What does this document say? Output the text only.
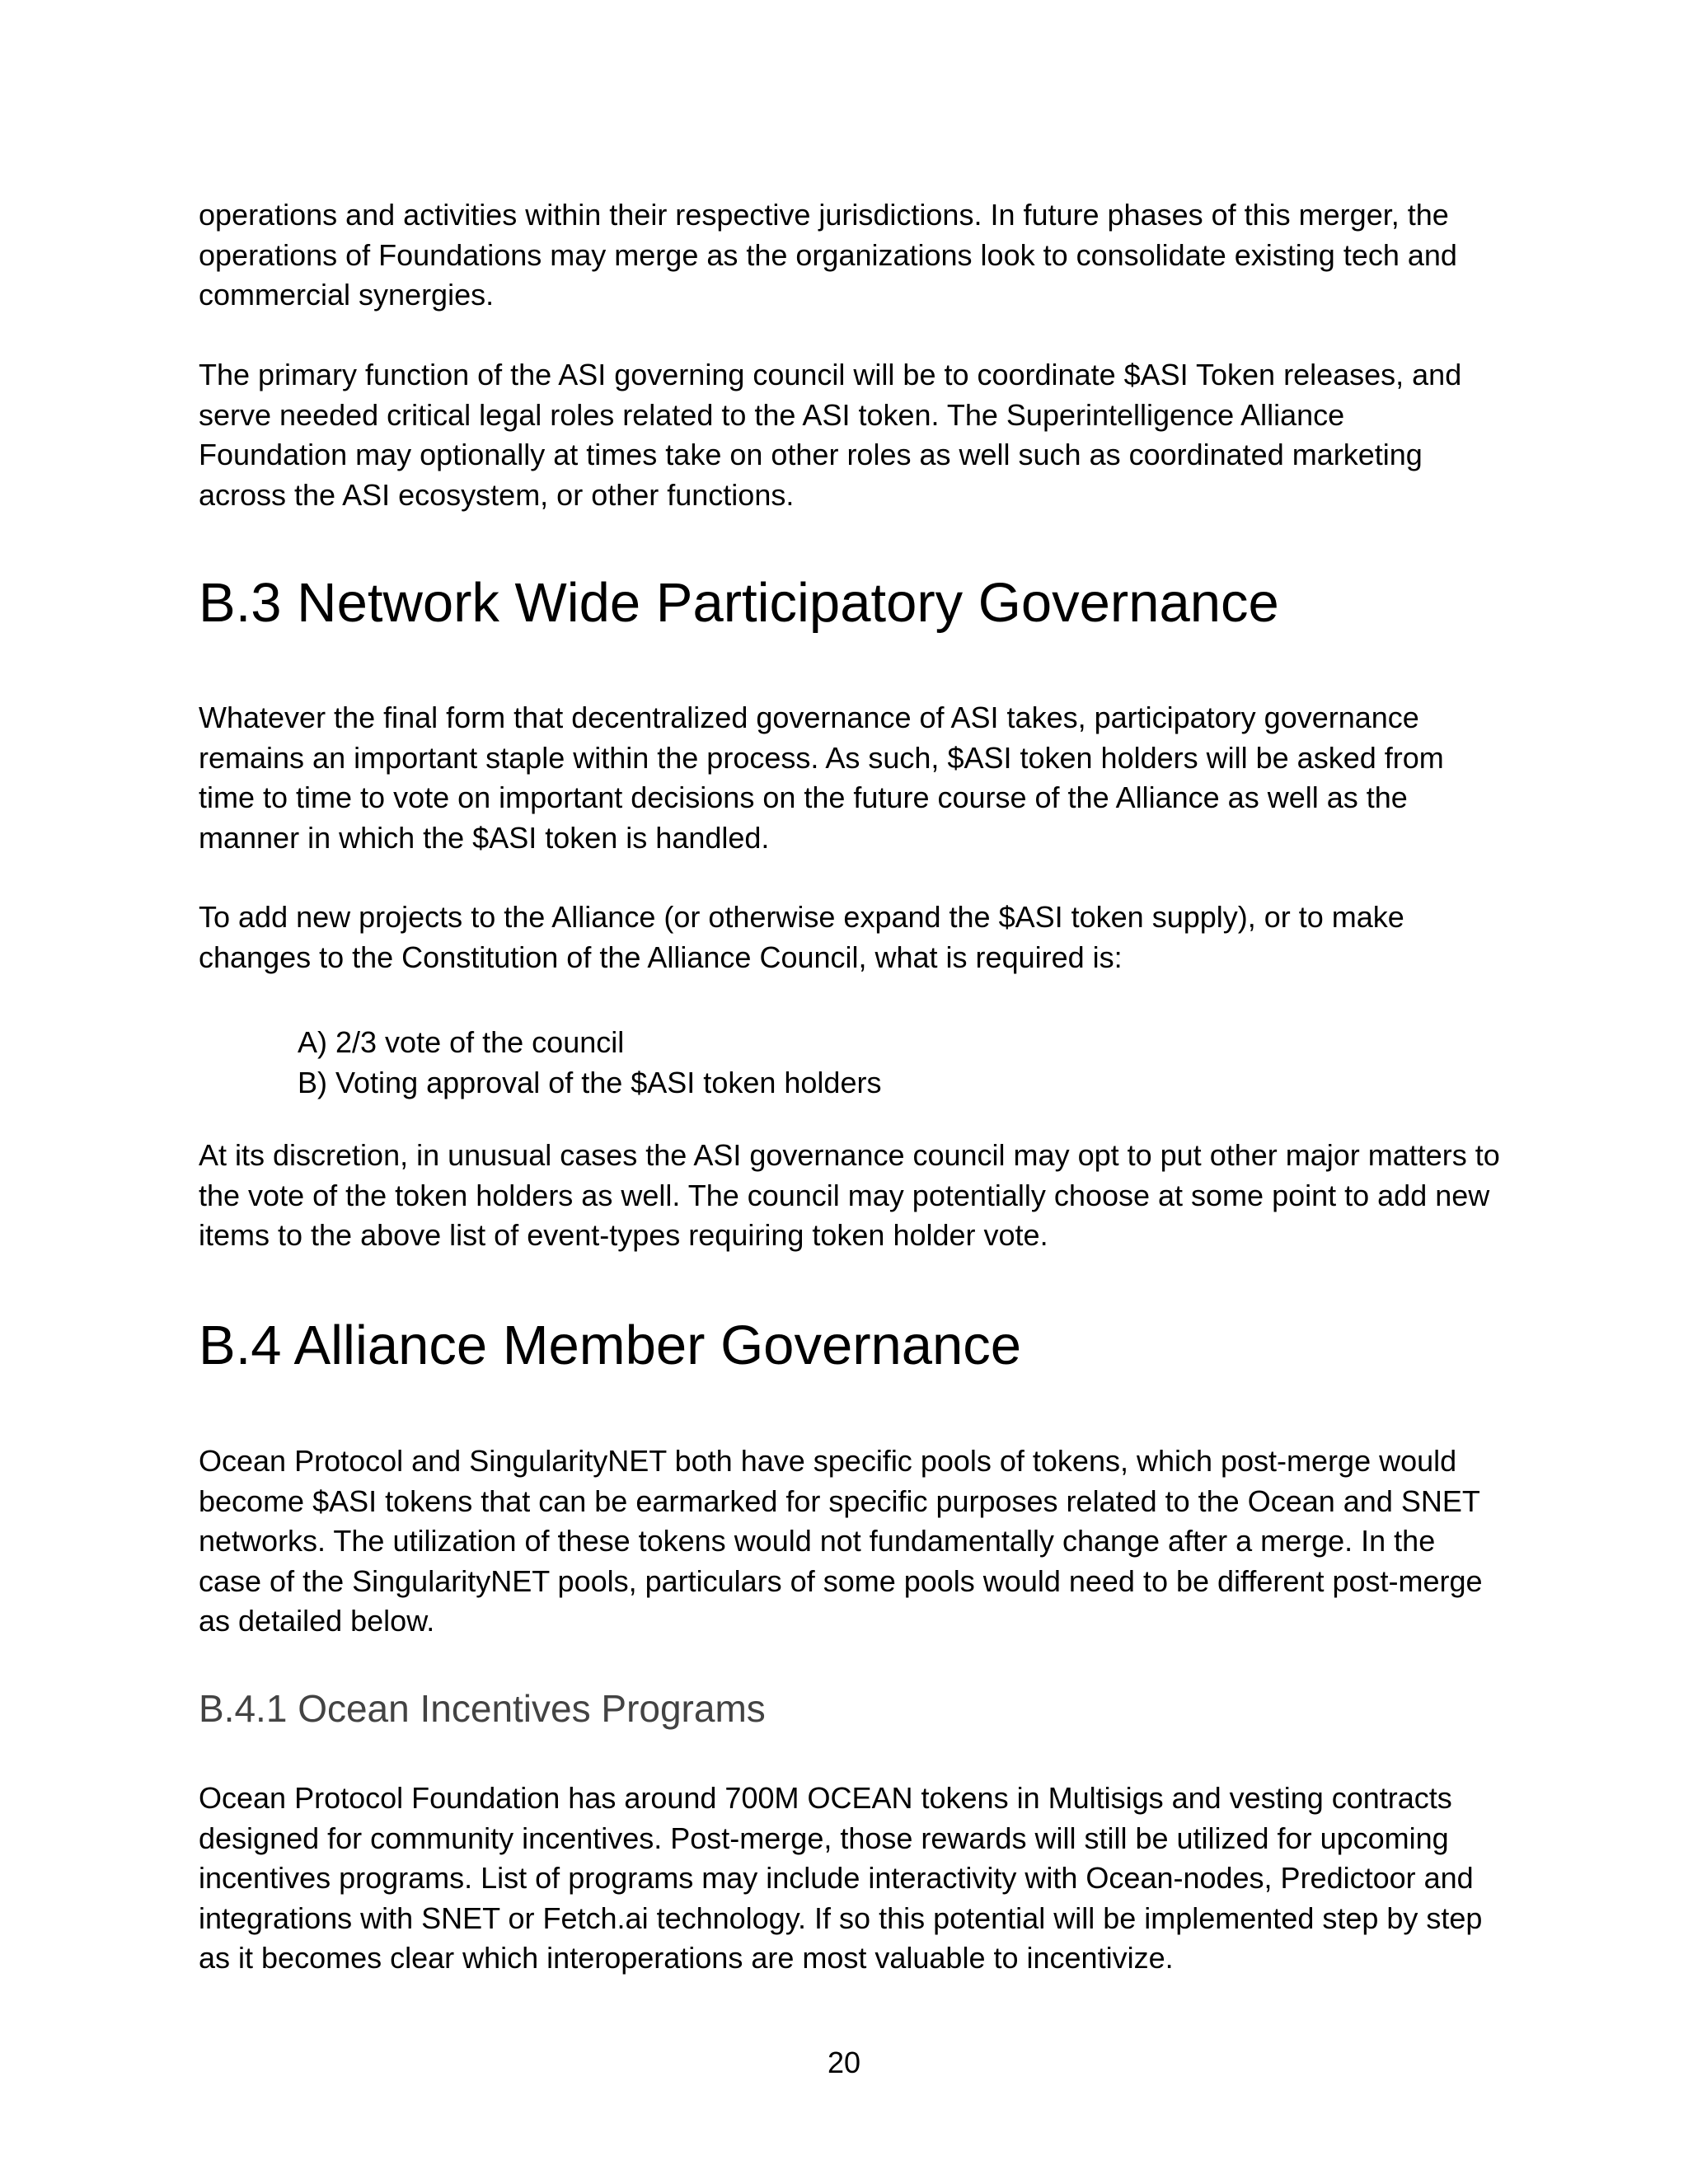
operations and activities within their respective jurisdictions. In future phases of this merger, the operations of Foundations may merge as the organizations look to consolidate existing tech and commercial synergies.

The primary function of the ASI governing council will be to coordinate $ASI Token releases, and serve needed critical legal roles related to the ASI token. The Superintelligence Alliance Foundation may optionally at times take on other roles as well such as coordinated marketing across the ASI ecosystem, or other functions.

B.3 Network Wide Participatory Governance

Whatever the final form that decentralized governance of ASI takes, participatory governance remains an important staple within the process. As such, $ASI token holders will be asked from time to time to vote on important decisions on the future course of the Alliance as well as the manner in which the $ASI token is handled.

To add new projects to the Alliance (or otherwise expand the $ASI token supply), or to make changes to the Constitution of the Alliance Council, what is required is:

A) 2/3 vote of the council
B) Voting approval of the $ASI token holders

At its discretion, in unusual cases the ASI governance council may opt to put other major matters to the vote of the token holders as well. The council may potentially choose at some point to add new items to the above list of event-types requiring token holder vote.

B.4 Alliance Member Governance

Ocean Protocol and SingularityNET both have specific pools of tokens, which post-merge would become $ASI tokens that can be earmarked for specific purposes related to the Ocean and SNET networks. The utilization of these tokens would not fundamentally change after a merge. In the case of the SingularityNET pools, particulars of some pools would need to be different post-merge as detailed below.

B.4.1 Ocean Incentives Programs

Ocean Protocol Foundation has around 700M OCEAN tokens in Multisigs and vesting contracts designed for community incentives. Post-merge, those rewards will still be utilized for upcoming incentives programs. List of programs may include interactivity with Ocean-nodes, Predictoor and integrations with SNET or Fetch.ai technology. If so this potential will be implemented step by step as it becomes clear which interoperations are most valuable to incentivize.

20
